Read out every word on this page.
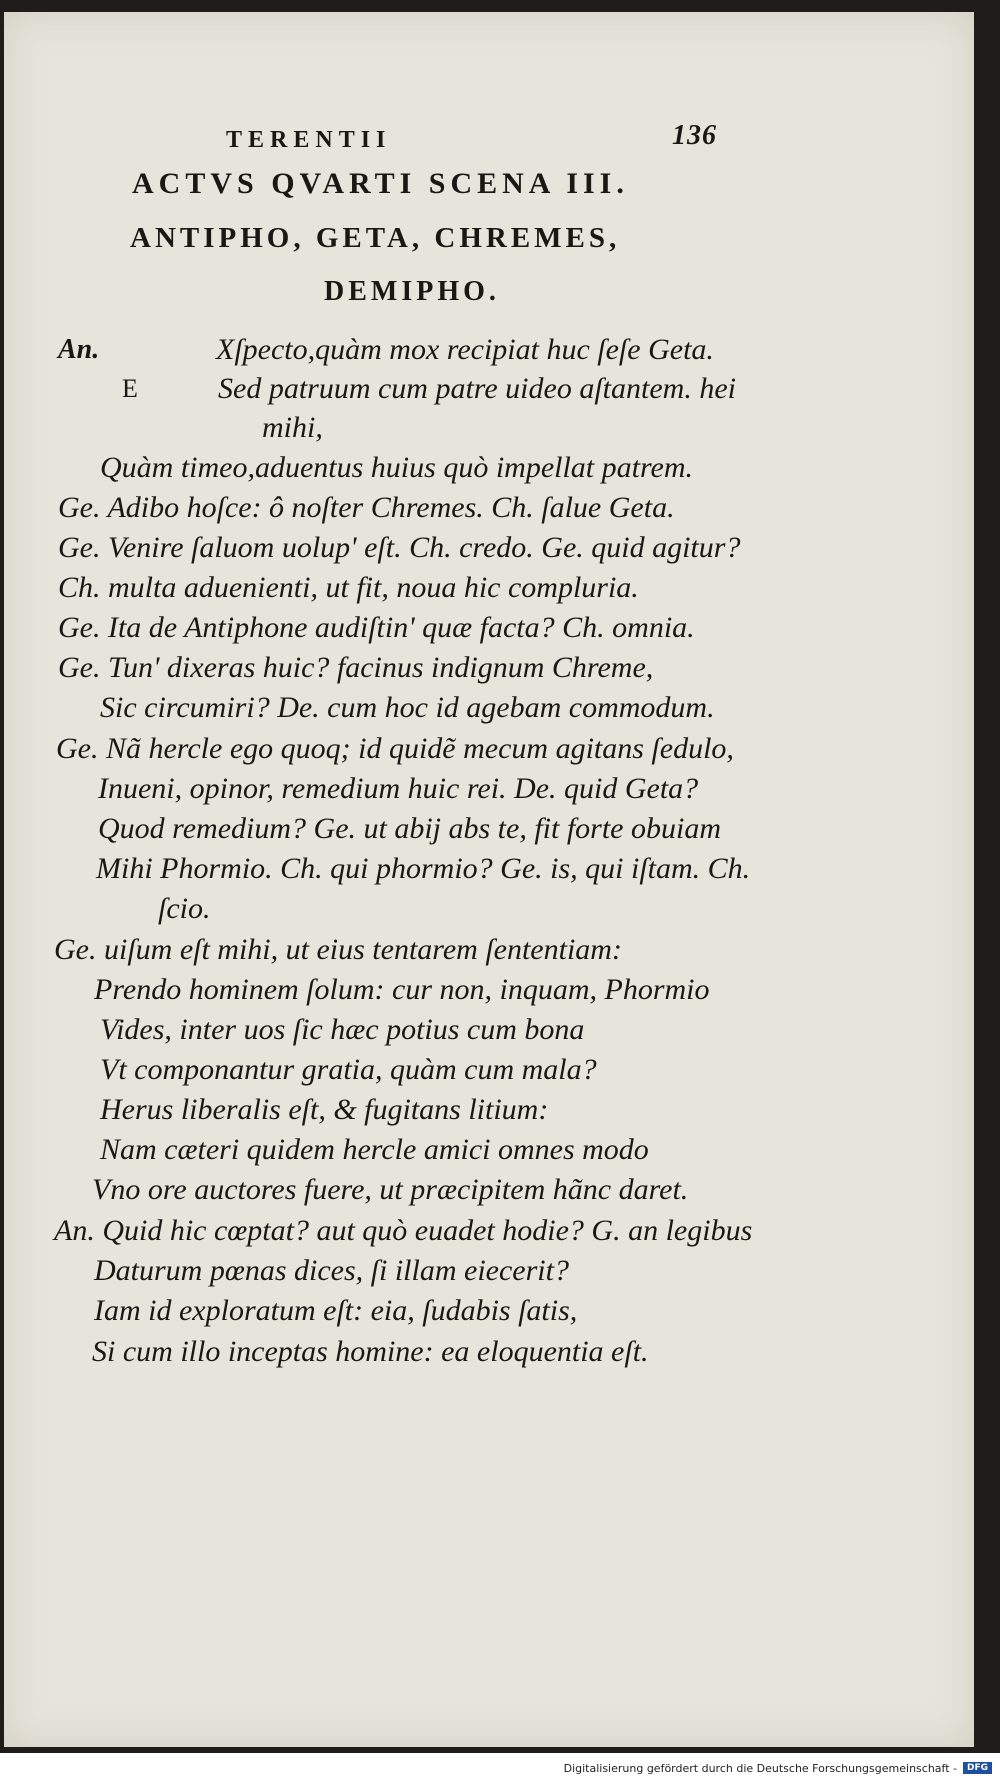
TERENTII	136
ACTVS QVARTI SCENA III.
ANTIPHO, GETA, CHREMES,
DEMIPHO.
An.	Xſpecto,quàm mox recipiat huc ſeſe Geta.
E	Sed patruum cum patre uideo aſtantem. hei
mihi,
Quàm timeo,aduentus huius quò impellat patrem.
Ge. Adibo hoſce: ô noſter Chremes. Ch. ſalue Geta.
Ge. Venire ſaluom uolup' eſt. Ch. credo. Ge. quid agitur?
Ch. multa aduenienti, ut fit, noua hic compluria.
Ge. Ita de Antiphone audiſtin' quæ facta? Ch. omnia.
Ge. Tun' dixeras huic? facinus indignum Chreme,
Sic circumiri? De. cum hoc id agebam commodum.
Ge. Nã hercle ego quoq; id quidẽ mecum agitans ſedulo,
Inueni, opinor, remedium huic rei. De. quid Geta?
Quod remedium? Ge. ut abij abs te, fit forte obuiam
Mihi Phormio. Ch. qui phormio? Ge. is, qui iſtam. Ch.
ſcio.
Ge. uiſum eſt mihi, ut eius tentarem ſententiam:
Prendo hominem ſolum: cur non, inquam, Phormio
Vides, inter uos ſic hæc potius cum bona
Vt componantur gratia, quàm cum mala?
Herus liberalis eſt, & fugitans litium:
Nam cæteri quidem hercle amici omnes modo
Vno ore auctores fuere, ut præcipitem hãnc daret.
An. Quid hic cœptat? aut quò euadet hodie? G. an legibus
Daturum pœnas dices, ſi illam eiecerit?
Iam id exploratum eſt: eia, ſudabis ſatis,
Si cum illo inceptas homine: ea eloquentia eſt.
Digitalisierung gefördert durch die Deutsche Forschungsgemeinschaft -	DFG
